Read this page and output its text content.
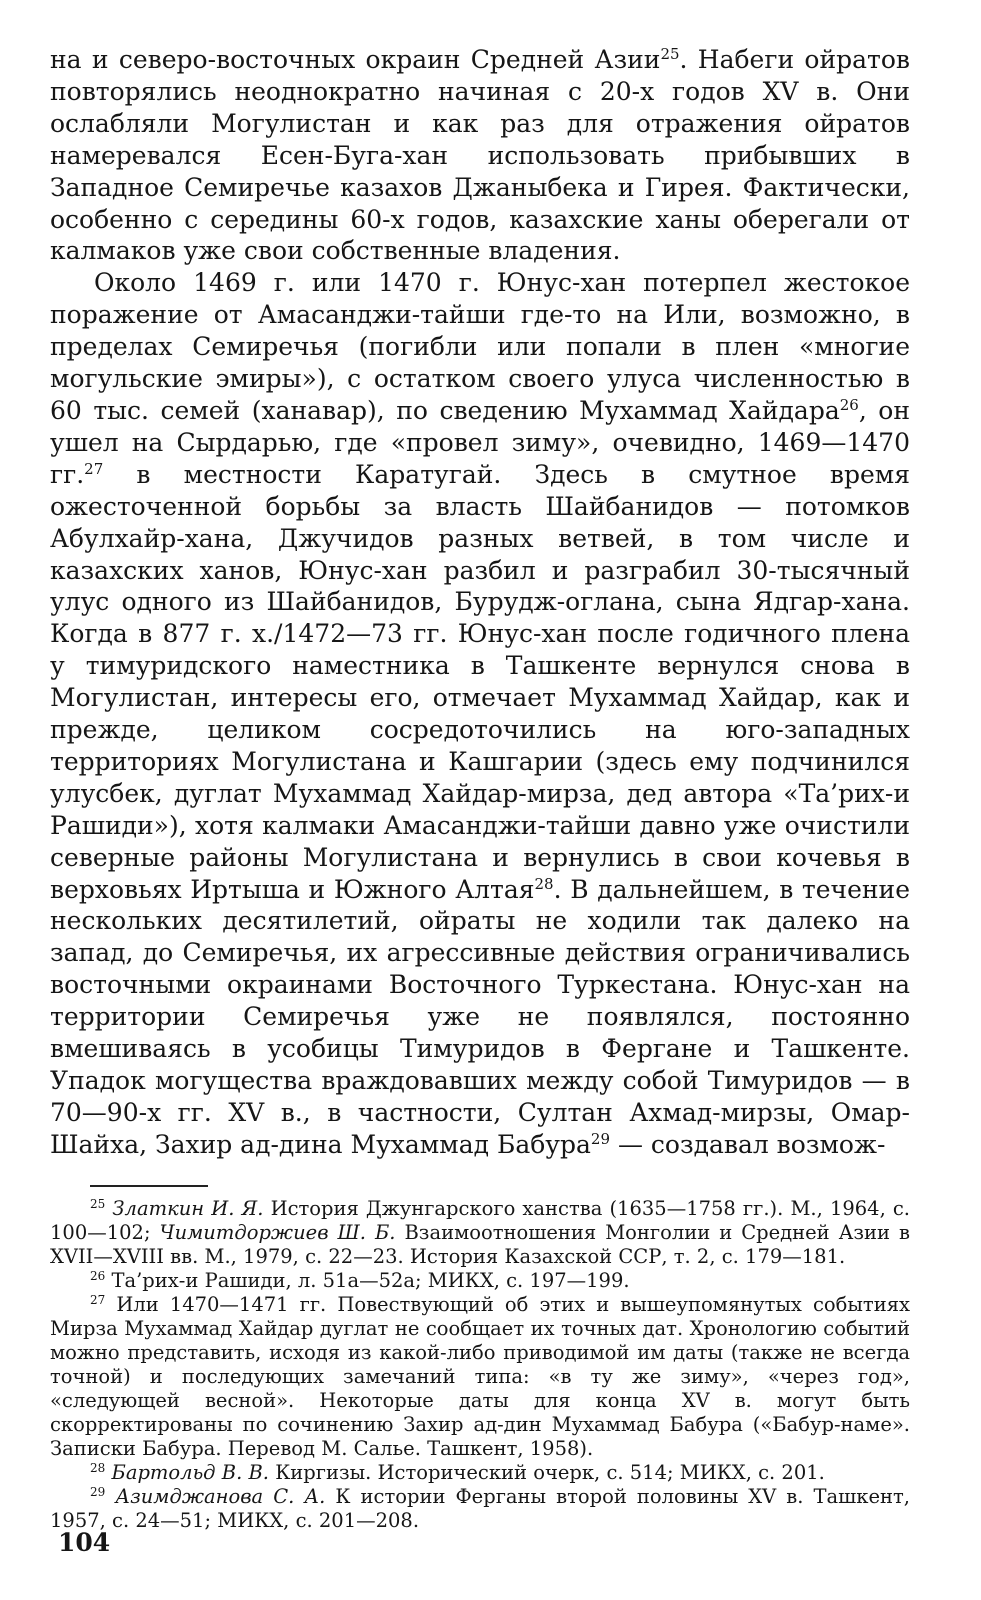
на и северо-восточных окраин Средней Азии$^{25}$. Набеги ойратов повторялись неоднократно начиная с 20-х годов XV в. Они ослабляли Могулистан и как раз для отражения ойратов намеревался Есен-Буга-хан использовать прибывших в Западное Семиречье казахов Джаныбека и Гирея. Фактически, особенно с середины 60-х годов, казахские ханы оберегали от калмаков уже свои собственные владения.

Около 1469 г. или 1470 г. Юнус-хан потерпел жестокое поражение от Амасанджи-тайши где-то на Или, возможно, в пределах Семиречья (погибли или попали в плен «многие могульские эмиры»), с остатком своего улуса численностью в 60 тыс. семей (ханавар), по сведению Мухаммад Хайдара$^{26}$, он ушел на Сырдарью, где «провел зиму», очевидно, 1469—1470 гг.$^{27}$ в местности Каратугай. Здесь в смутное время ожесточенной борьбы за власть Шайбанидов — потомков Абулхайр-хана, Джучидов разных ветвей, в том числе и казахских ханов, Юнус-хан разбил и разграбил 30-тысячный улус одного из Шайбанидов, Бурудж-оглана, сына Ядгар-хана. Когда в 877 г. х./1472—73 гг. Юнус-хан после годичного плена у тимуридского наместника в Ташкенте вернулся снова в Могулистан, интересы его, отмечает Мухаммад Хайдар, как и прежде, целиком сосредоточились на юго-западных территориях Могулистана и Кашгарии (здесь ему подчинился улусбек, дуглат Мухаммад Хайдар-мирза, дед автора «Та’рих-и Рашиди»), хотя калмаки Амасанджи-тайши давно уже очистили северные районы Могулистана и вернулись в свои кочевья в верховьях Иртыша и Южного Алтая$^{28}$. В дальнейшем, в течение нескольких десятилетий, ойраты не ходили так далеко на запад, до Семиречья, их агрессивные действия ограничивались восточными окраинами Восточного Туркестана. Юнус-хан на территории Семиречья уже не появлялся, постоянно вмешиваясь в усобицы Тимуридов в Фергане и Ташкенте. Упадок могущества враждовавших между собой Тимуридов — в 70—90-х гг. XV в., в частности, Султан Ахмад-мирзы, Омар-Шайха, Захир ад-дина Мухаммад Бабура$^{29}$ — создавал возмож-

$^{25}$ Златкин И. Я. История Джунгарского ханства (1635—1758 гг.). М., 1964, с. 100—102; Чимитдоржиев Ш. Б. Взаимоотношения Монголии и Средней Азии в XVII—XVIII вв. М., 1979, с. 22—23. История Казахской ССР, т. 2, с. 179—181.

$^{26}$ Та’рих-и Рашиди, л. 51а—52а; МИКХ, с. 197—199.

$^{27}$ Или 1470—1471 гг. Повествующий об этих и вышеупомянутых событиях Мирза Мухаммад Хайдар дуглат не сообщает их точных дат. Хронологию событий можно представить, исходя из какой-либо приводимой им даты (также не всегда точной) и последующих замечаний типа: «в ту же зиму», «через год», «следующей весной». Некоторые даты для конца XV в. могут быть скорректированы по сочинению Захир ад-дин Мухаммад Бабура («Бабур-наме». Записки Бабура. Перевод М. Салье. Ташкент, 1958).

$^{28}$ Бартольд В. В. Киргизы. Исторический очерк, с. 514; МИКХ, с. 201.

$^{29}$ Азимджанова С. А. К истории Ферганы второй половины XV в. Ташкент, 1957, с. 24—51; МИКХ, с. 201—208.

104
